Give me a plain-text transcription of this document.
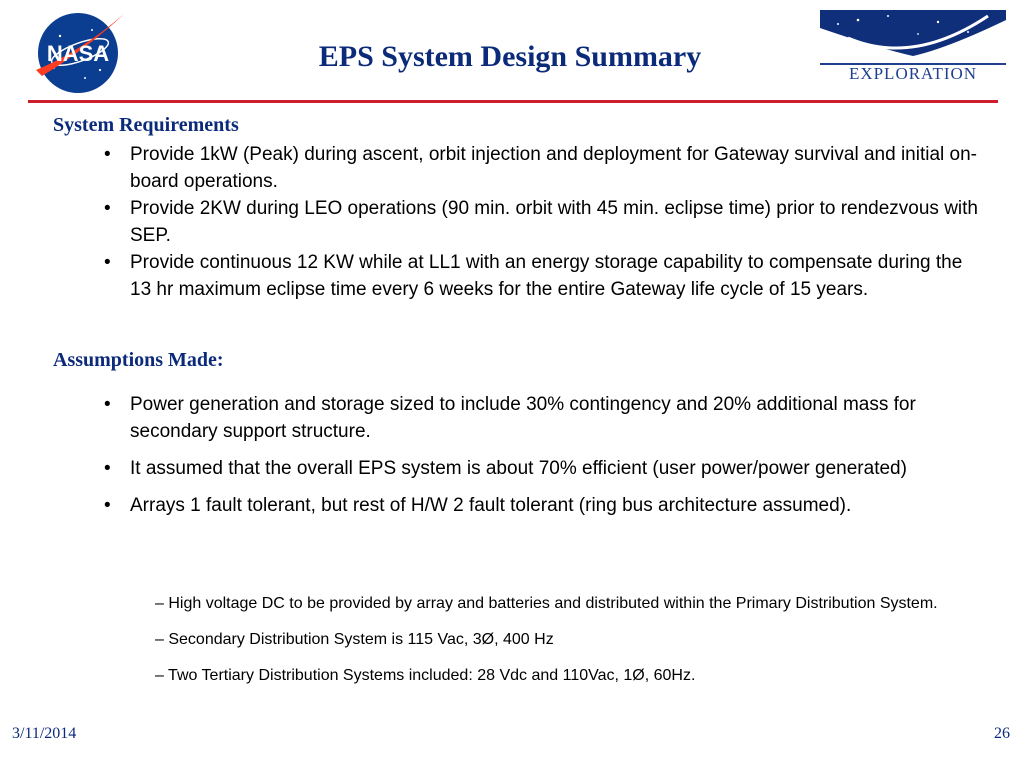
NASA	EPS System Design Summary
EXPLORATION
System Requirements
• Provide 1kW (Peak) during ascent, orbit injection and deployment for Gateway survival and initial on-board operations.
• Provide 2KW during LEO operations (90 min. orbit with 45 min. eclipse time) prior to rendezvous with SEP.
• Provide continuous 12 KW while at LL1 with an energy storage capability to compensate during the 13 hr maximum eclipse time every 6 weeks for the entire Gateway life cycle of 15 years.
Assumptions Made:
• Power generation and storage sized to include 30% contingency and 20% additional mass for secondary support structure.
• It assumed that the overall EPS system is about 70% efficient (user power/power generated)
• Arrays 1 fault tolerant, but rest of H/W 2 fault tolerant (ring bus architecture assumed).
– High voltage DC to be provided by array and batteries and distributed within the Primary Distribution System.
– Secondary Distribution System is 115 Vac, 3Ø, 400 Hz
– Two Tertiary Distribution Systems included: 28 Vdc and 110Vac, 1Ø, 60Hz.
3/11/2014	26
